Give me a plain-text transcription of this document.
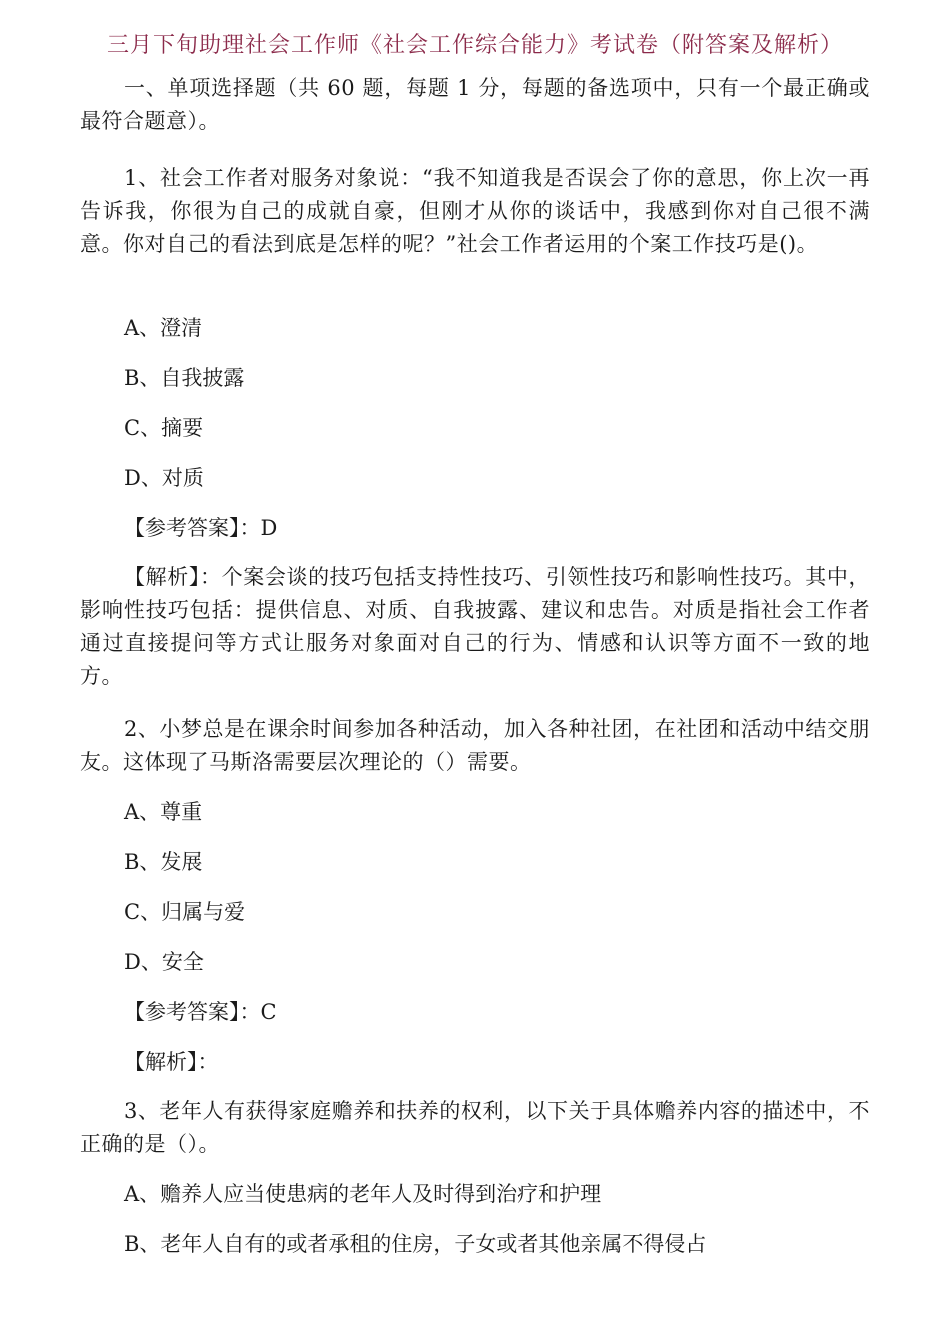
三月下旬助理社会工作师《社会工作综合能力》考试卷（附答案及解析）
一、单项选择题（共 60 题，每题 1 分，每题的备选项中，只有一个最正确或最符合题意）。
1、社会工作者对服务对象说：“我不知道我是否误会了你的意思，你上次一再告诉我，你很为自己的成就自豪，但刚才从你的谈话中，我感到你对自己很不满意。你对自己的看法到底是怎样的呢？”社会工作者运用的个案工作技巧是()。
A、澄清
B、自我披露
C、摘要
D、对质
【参考答案】：D
【解析】：个案会谈的技巧包括支持性技巧、引领性技巧和影响性技巧。其中，影响性技巧包括：提供信息、对质、自我披露、建议和忠告。对质是指社会工作者通过直接提问等方式让服务对象面对自己的行为、情感和认识等方面不一致的地方。
2、小梦总是在课余时间参加各种活动，加入各种社团，在社团和活动中结交朋友。这体现了马斯洛需要层次理论的（）需要。
A、尊重
B、发展
C、归属与爱
D、安全
【参考答案】：C
【解析】：
3、老年人有获得家庭赡养和扶养的权利，以下关于具体赡养内容的描述中，不正确的是（）。
A、赡养人应当使患病的老年人及时得到治疗和护理
B、老年人自有的或者承租的住房，子女或者其他亲属不得侵占
